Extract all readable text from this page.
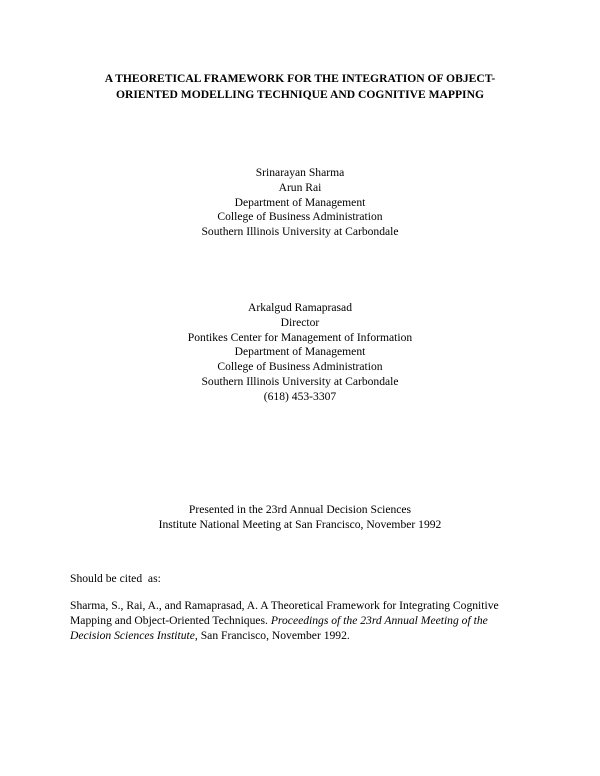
A THEORETICAL FRAMEWORK FOR THE INTEGRATION OF OBJECT-
ORIENTED MODELLING TECHNIQUE AND COGNITIVE MAPPING
Srinarayan Sharma
Arun Rai
Department of Management
College of Business Administration
Southern Illinois University at Carbondale
Arkalgud Ramaprasad
Director
Pontikes Center for Management of Information
Department of Management
College of Business Administration
Southern Illinois University at Carbondale
(618) 453-3307
Presented in the 23rd Annual Decision Sciences
Institute National Meeting at San Francisco, November 1992
Should be cited  as:
Sharma, S., Rai, A., and Ramaprasad, A. A Theoretical Framework for Integrating Cognitive
Mapping and Object-Oriented Techniques. Proceedings of the 23rd Annual Meeting of the
Decision Sciences Institute, San Francisco, November 1992.
